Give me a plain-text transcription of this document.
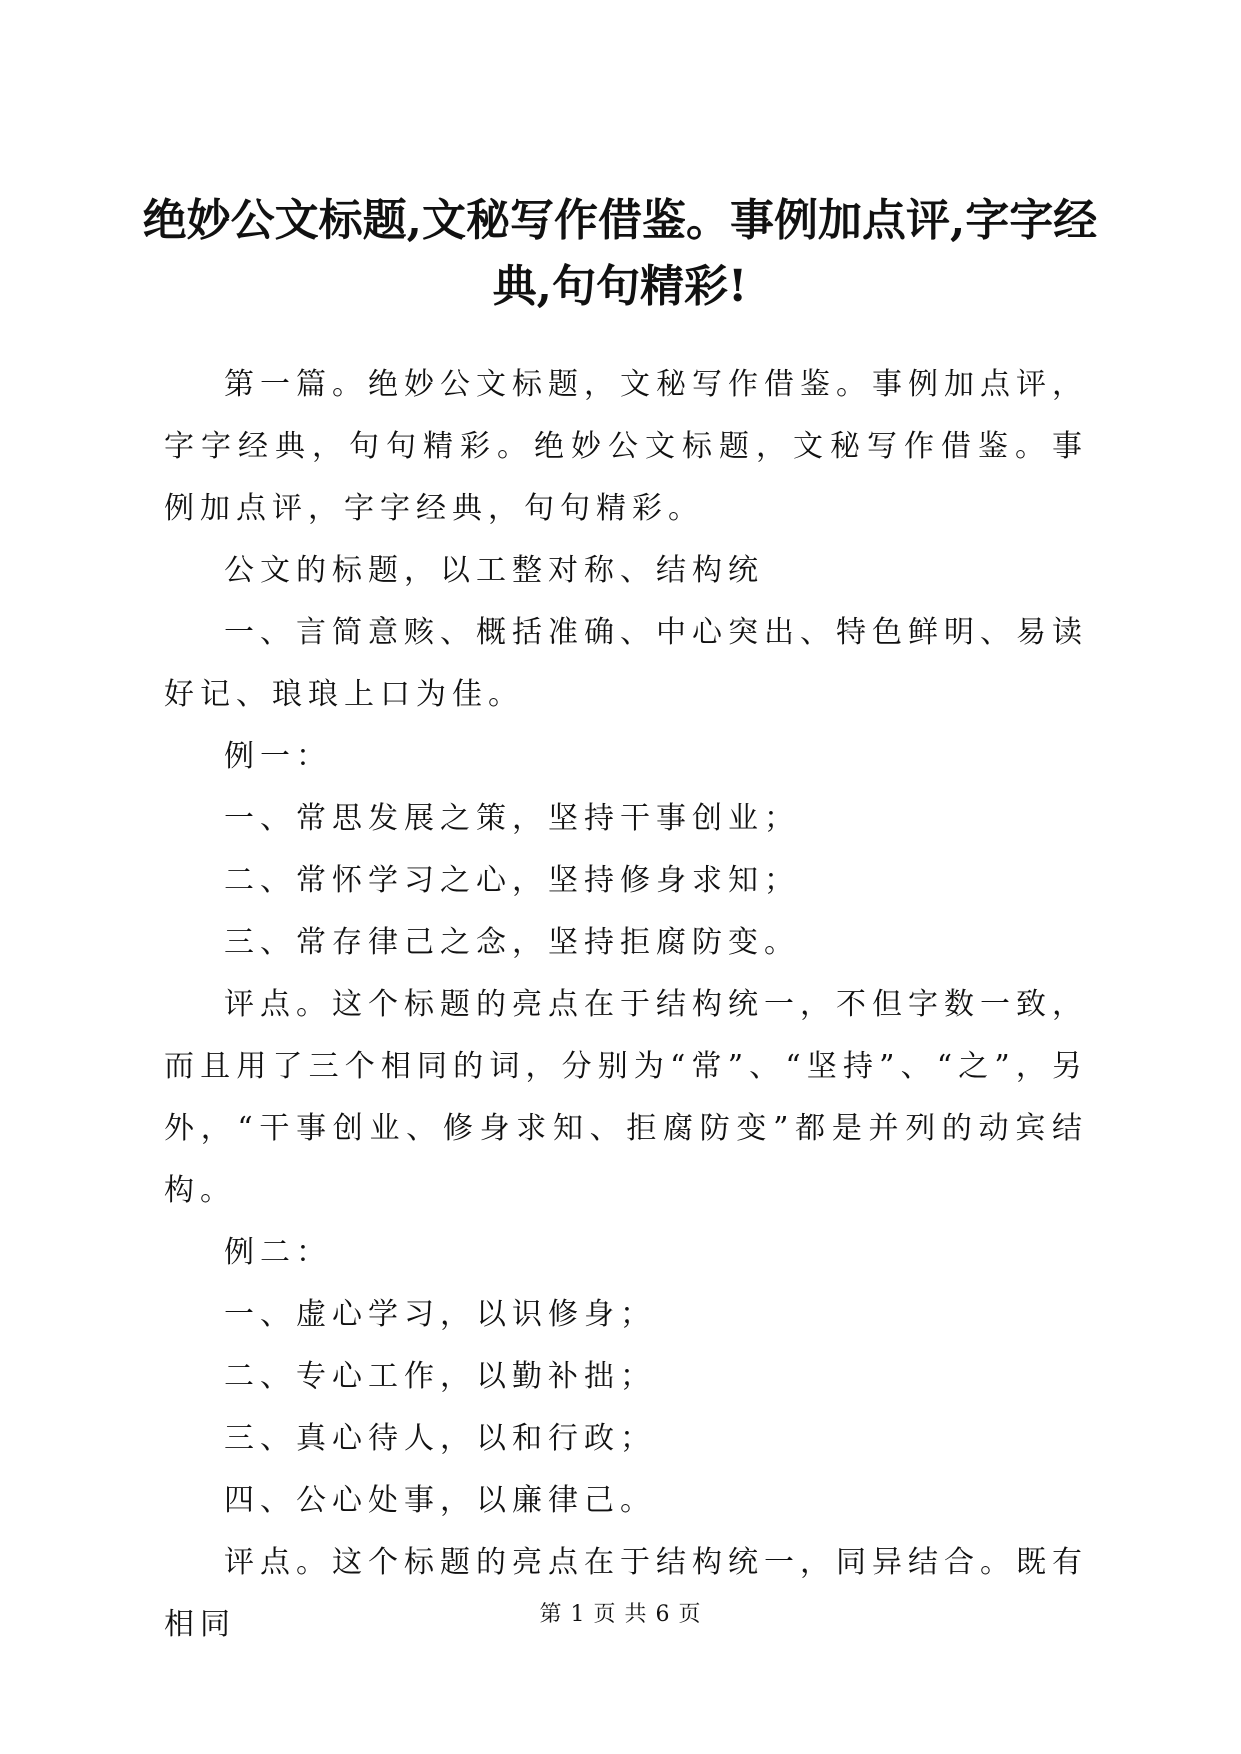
绝妙公文标题,文秘写作借鉴。事例加点评,字字经典,句句精彩!

第一篇。绝妙公文标题，文秘写作借鉴。事例加点评，字字经典，句句精彩。绝妙公文标题，文秘写作借鉴。事例加点评，字字经典，句句精彩。

公文的标题，以工整对称、结构统

一、言简意赅、概括准确、中心突出、特色鲜明、易读好记、琅琅上口为佳。

例一：

一、常思发展之策，坚持干事创业；

二、常怀学习之心，坚持修身求知；

三、常存律己之念，坚持拒腐防变。

评点。这个标题的亮点在于结构统一，不但字数一致，而且用了三个相同的词，分别为“常”、“坚持”、“之”，另外，“干事创业、修身求知、拒腐防变”都是并列的动宾结构。

例二：

一、虚心学习，以识修身；

二、专心工作，以勤补拙；

三、真心待人，以和行政；

四、公心处事，以廉律己。

评点。这个标题的亮点在于结构统一，同异结合。既有相同	第 1 页 共 6 页
